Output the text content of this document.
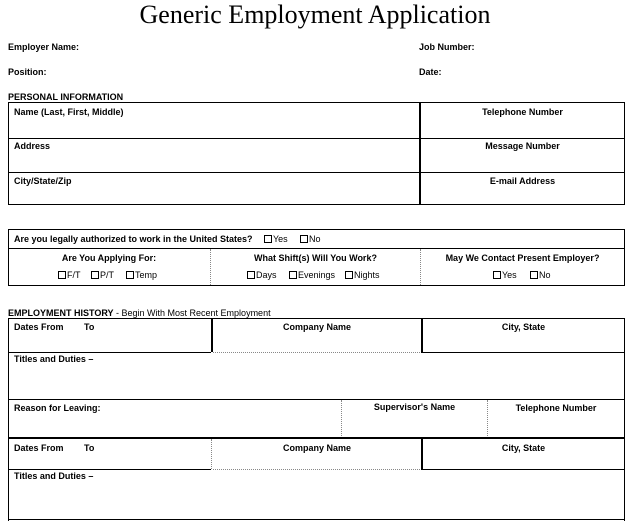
Generic Employment Application
Employer Name:	Job Number:
Position:	Date:
PERSONAL INFORMATION
Name (Last, First, Middle)	Telephone Number
Address	Message Number
City/State/Zip	E-mail Address
Are you legally authorized to work in the United States?	Yes	No
Are You Applying For:
F/T	P/T	Temp
What Shift(s) Will You Work?
Days	Evenings	Nights
May We Contact Present Employer?
Yes	No
EMPLOYMENT HISTORY - Begin With Most Recent Employment
Dates From To	Company Name	City, State
Titles and Duties –
Reason for Leaving:	Supervisor's Name	Telephone Number
Dates From To	Company Name	City, State
Titles and Duties –
